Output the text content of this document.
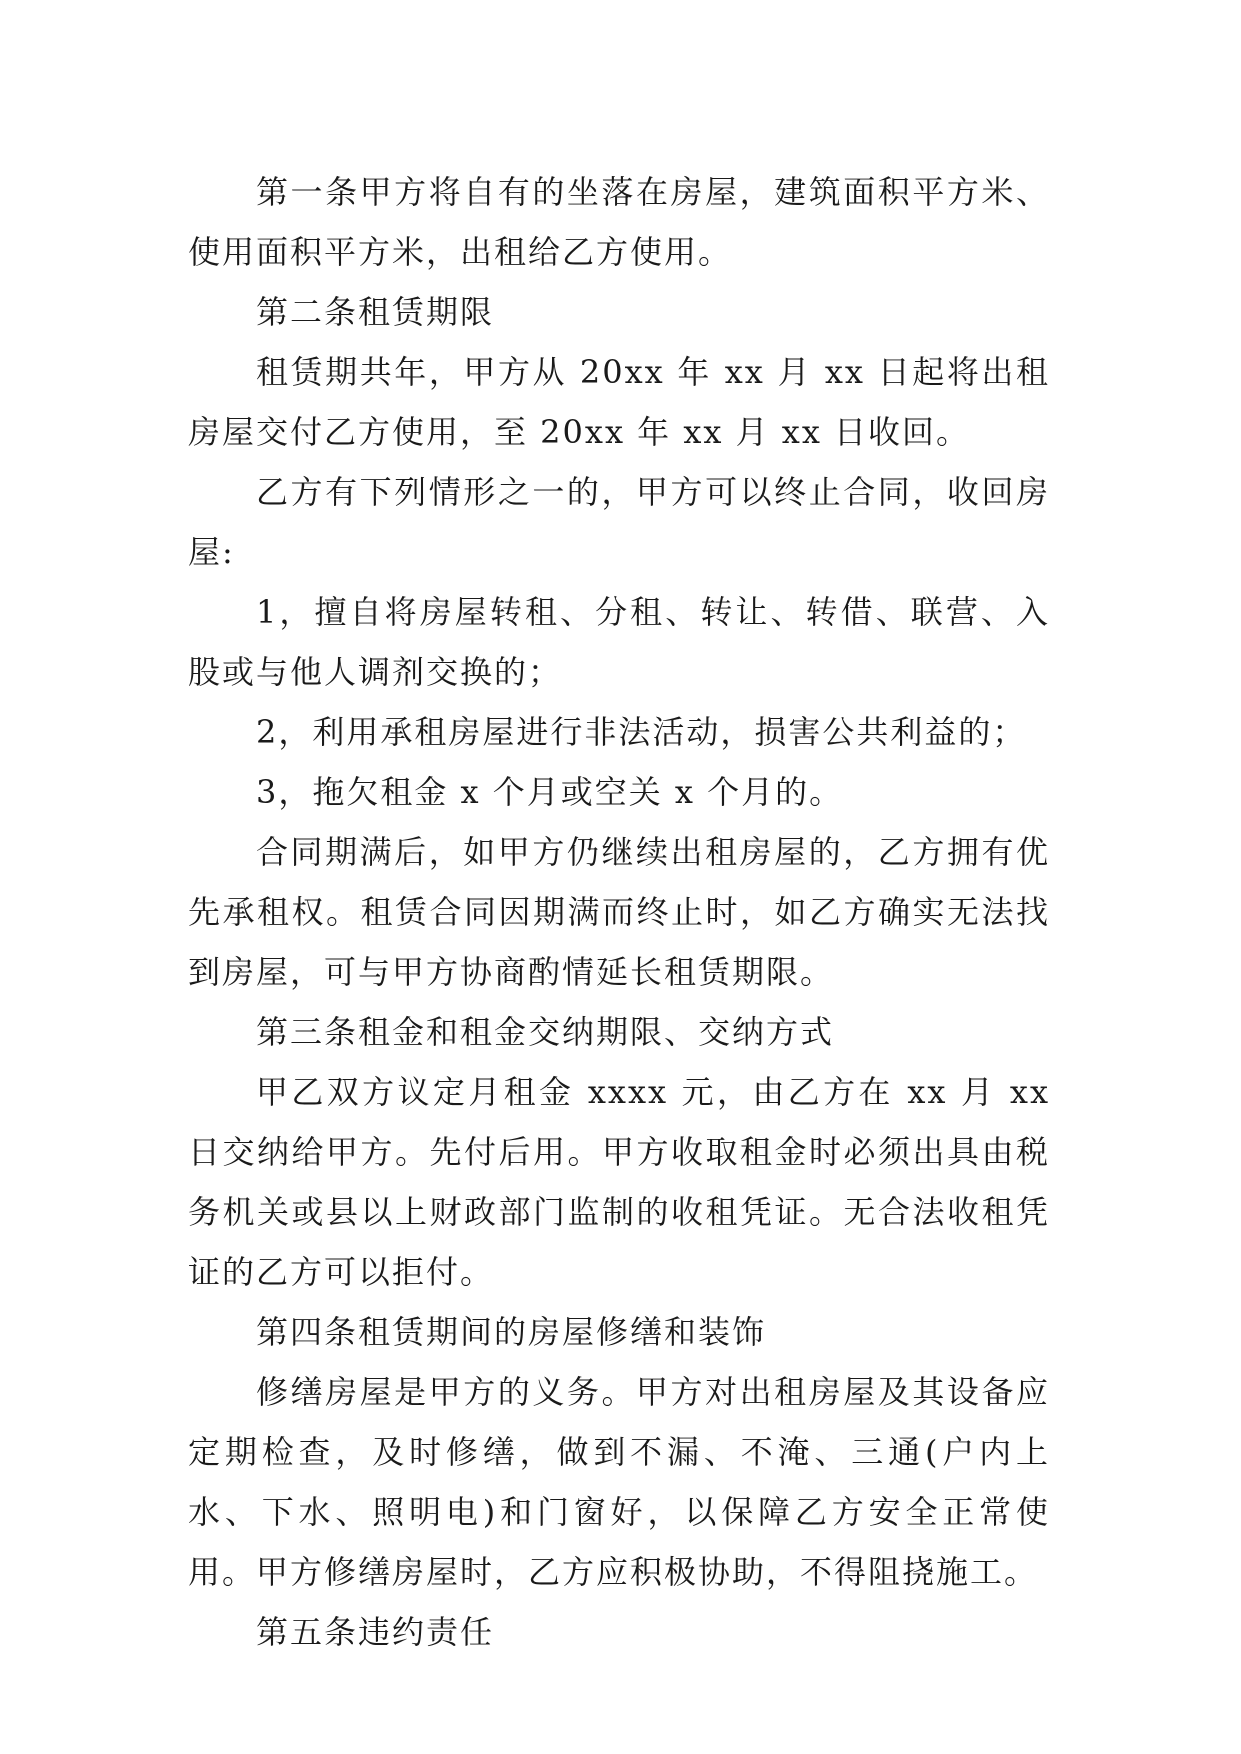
第一条甲方将自有的坐落在房屋，建筑面积平方米、使用面积平方米，出租给乙方使用。

第二条租赁期限

租赁期共年，甲方从 20xx 年 xx 月 xx 日起将出租房屋交付乙方使用，至 20xx 年 xx 月 xx 日收回。

乙方有下列情形之一的，甲方可以终止合同，收回房屋:

1，擅自将房屋转租、分租、转让、转借、联营、入股或与他人调剂交换的；

2，利用承租房屋进行非法活动，损害公共利益的；

3，拖欠租金 x 个月或空关 x 个月的。

合同期满后，如甲方仍继续出租房屋的，乙方拥有优先承租权。租赁合同因期满而终止时，如乙方确实无法找到房屋，可与甲方协商酌情延长租赁期限。

第三条租金和租金交纳期限、交纳方式

甲乙双方议定月租金 xxxx 元，由乙方在 xx 月 xx 日交纳给甲方。先付后用。甲方收取租金时必须出具由税务机关或县以上财政部门监制的收租凭证。无合法收租凭证的乙方可以拒付。

第四条租赁期间的房屋修缮和装饰

修缮房屋是甲方的义务。甲方对出租房屋及其设备应定期检查，及时修缮，做到不漏、不淹、三通(户内上水、下水、照明电)和门窗好，以保障乙方安全正常使用。甲方修缮房屋时，乙方应积极协助，不得阻挠施工。

第五条违约责任
